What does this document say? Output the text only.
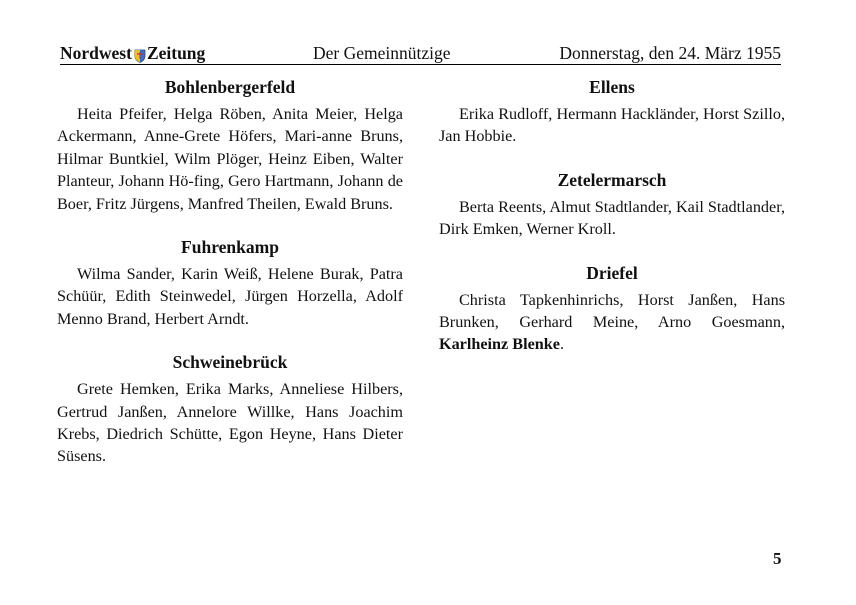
Nordwest Zeitung	Der Gemeinnützige	Donnerstag, den 24. März 1955
Bohlenbergerfeld

Heita Pfeifer, Helga Röben, Anita Meier, Helga Ackermann, Anne-Grete Höfers, Mari-anne Bruns, Hilmar Buntkiel, Wilm Plöger, Heinz Eiben, Walter Planteur, Johann Hö-fing, Gero Hartmann, Johann de Boer, Fritz Jürgens, Manfred Theilen, Ewald Bruns.

Fuhrenkamp

Wilma Sander, Karin Weiß, Helene Burak, Patra Schüür, Edith Steinwedel, Jürgen Horzella, Adolf Menno Brand, Herbert Arndt.

Schweinebrück

Grete Hemken, Erika Marks, Anneliese Hilbers, Gertrud Janßen, Annelore Willke, Hans Joachim Krebs, Diedrich Schütte, Egon Heyne, Hans Dieter Süsens.

Ellens

Erika Rudloff, Hermann Hackländer, Horst Szillo, Jan Hobbie.

Zetelermarsch

Berta Reents, Almut Stadtlander, Kail Stadtlander, Dirk Emken, Werner Kroll.

Driefel

Christa Tapkenhinrichs, Horst Janßen, Hans Brunken, Gerhard Meine, Arno Goesmann, Karlheinz Blenke.

5
